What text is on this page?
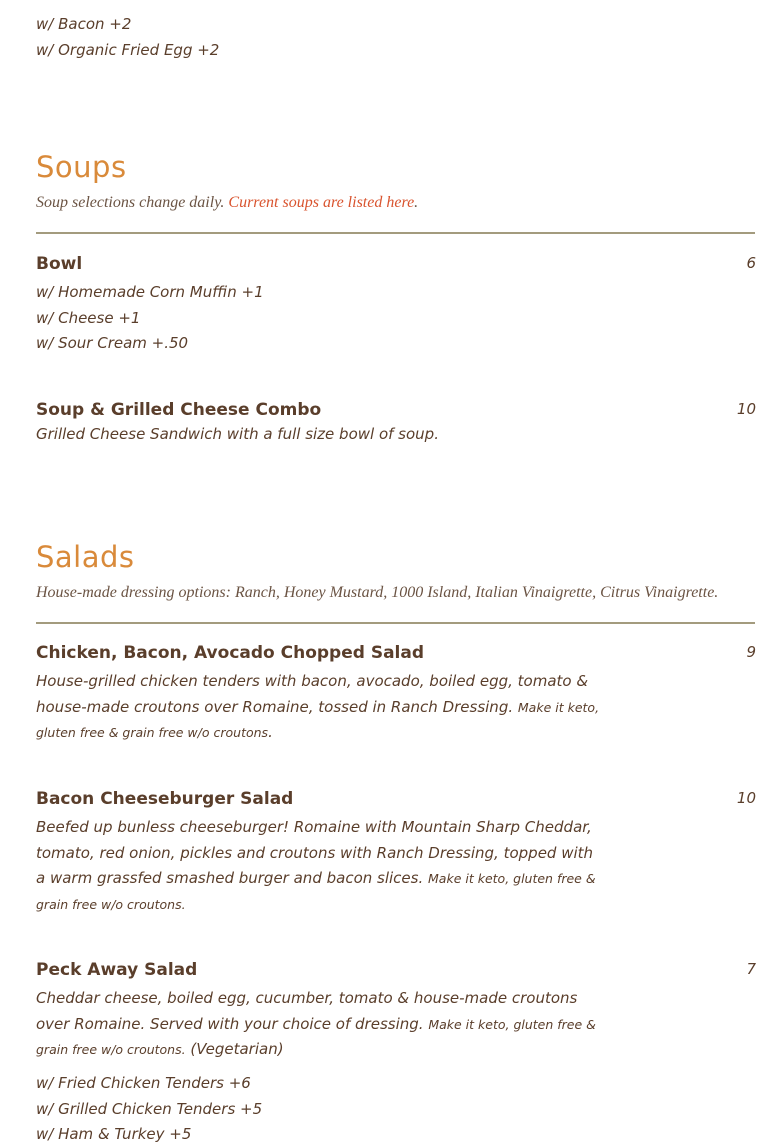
w/ Bacon +2
w/ Organic Fried Egg +2
Soups
Soup selections change daily. Current soups are listed here.
Bowl	6
w/ Homemade Corn Muffin +1
w/ Cheese +1
w/ Sour Cream +.50
Soup & Grilled Cheese Combo	10
Grilled Cheese Sandwich with a full size bowl of soup.
Salads
House-made dressing options: Ranch, Honey Mustard, 1000 Island, Italian Vinaigrette, Citrus Vinaigrette.
Chicken, Bacon, Avocado Chopped Salad	9
House-grilled chicken tenders with bacon, avocado, boiled egg, tomato & house-made croutons over Romaine, tossed in Ranch Dressing. Make it keto, gluten free & grain free w/o croutons.
Bacon Cheeseburger Salad	10
Beefed up bunless cheeseburger! Romaine with Mountain Sharp Cheddar, tomato, red onion, pickles and croutons with Ranch Dressing, topped with a warm grassfed smashed burger and bacon slices. Make it keto, gluten free & grain free w/o croutons.
Peck Away Salad	7
Cheddar cheese, boiled egg, cucumber, tomato & house-made croutons over Romaine. Served with your choice of dressing. Make it keto, gluten free & grain free w/o croutons. (Vegetarian)
w/ Fried Chicken Tenders +6
w/ Grilled Chicken Tenders +5
w/ Ham & Turkey +5
